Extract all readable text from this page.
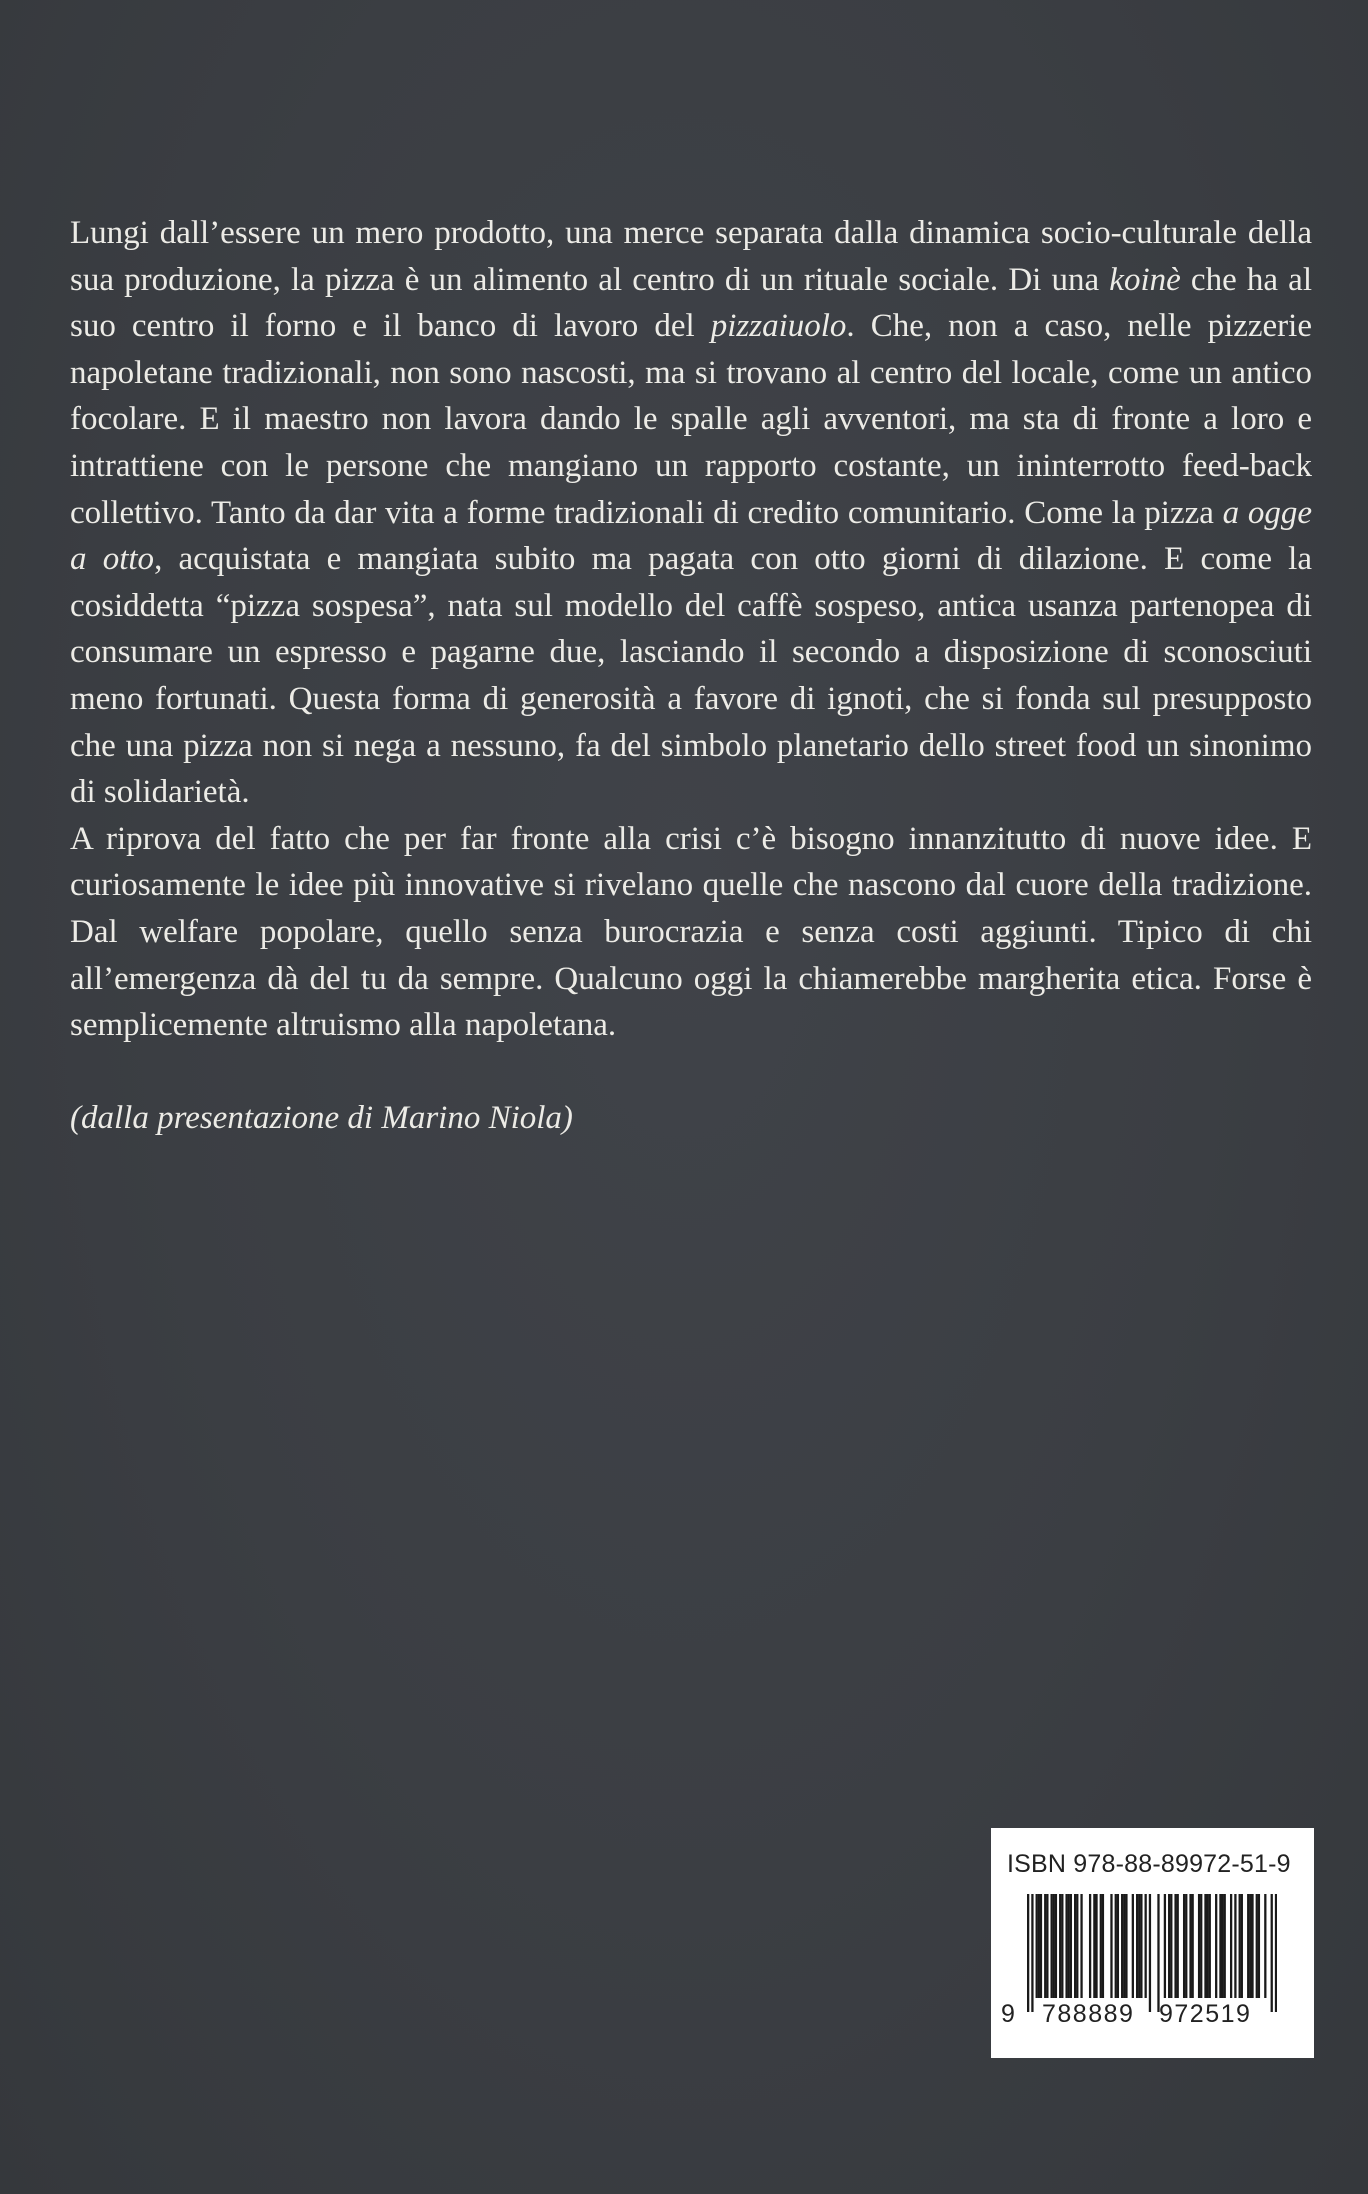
Lungi dall’essere un mero prodotto, una merce separata dalla dinamica socio-culturale della sua produzione, la pizza è un alimento al centro di un rituale sociale. Di una koinè che ha al suo centro il forno e il banco di lavoro del pizzaiuolo. Che, non a caso, nelle pizzerie napoletane tradizionali, non sono nascosti, ma si trovano al centro del locale, come un antico focolare. E il maestro non lavora dando le spalle agli avventori, ma sta di fronte a loro e intrattiene con le persone che mangiano un rapporto costante, un ininterrotto feed-back collettivo. Tanto da dar vita a forme tradizionali di credito comunitario. Come la pizza a ogge a otto, acquistata e mangiata subito ma pagata con otto giorni di dilazione. E come la cosiddetta “pizza sospesa”, nata sul modello del caffè sospeso, antica usanza partenopea di consumare un espresso e pagarne due, lasciando il secondo a disposizione di sconosciuti meno fortunati. Questa forma di generosità a favore di ignoti, che si fonda sul presupposto che una pizza non si nega a nessuno, fa del simbolo planetario dello street food un sinonimo di solidarietà.

A riprova del fatto che per far fronte alla crisi c’è bisogno innanzitutto di nuove idee. E curiosamente le idee più innovative si rivelano quelle che nascono dal cuore della tradizione. Dal welfare popolare, quello senza burocrazia e senza costi aggiunti. Tipico di chi all’emergenza dà del tu da sempre. Qualcuno oggi la chiamerebbe margherita etica. Forse è semplicemente altruismo alla napoletana.

(dalla presentazione di Marino Niola)

ISBN 978-88-89972-51-9
9 788889 972519
